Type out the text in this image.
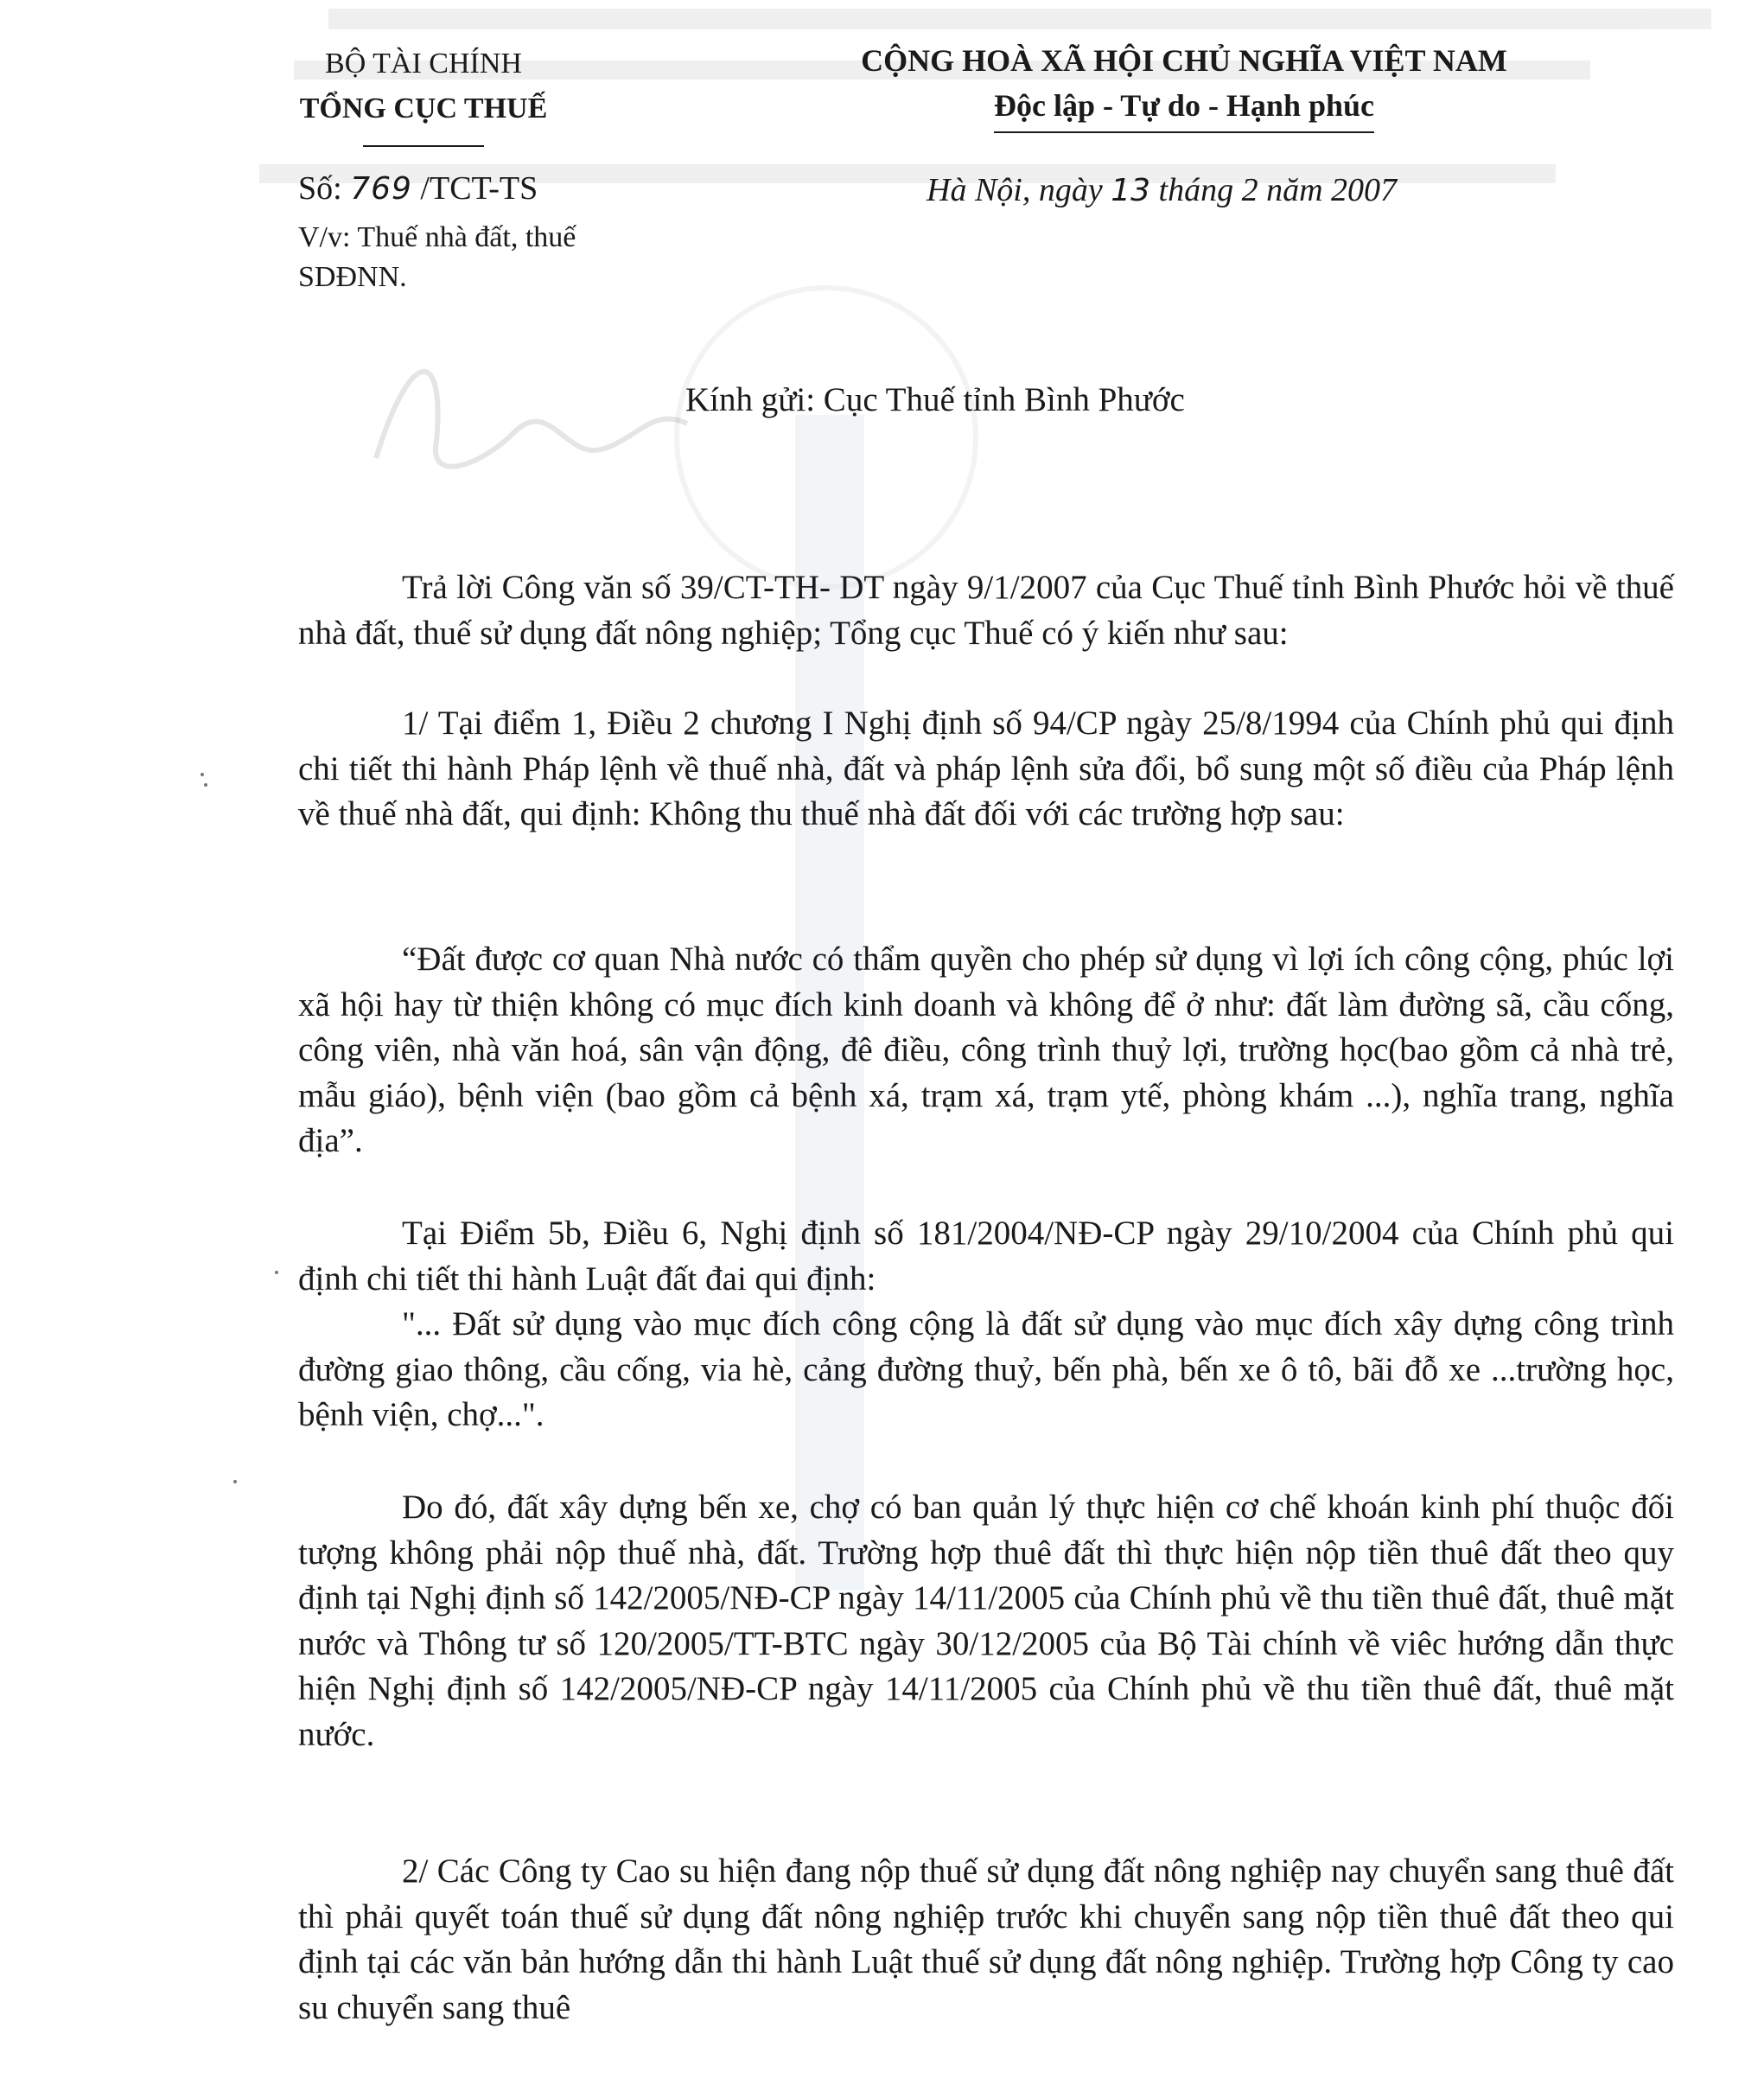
BỘ TÀI CHÍNH
TỔNG CỤC THUẾ
CỘNG HOÀ XÃ HỘI CHỦ NGHĨA VIỆT NAM
Độc lập - Tự do - Hạnh phúc
Số: 769 /TCT-TS	Hà Nội, ngày 13 tháng 2 năm 2007
V/v: Thuế nhà đất, thuế
SDĐNN.
Kính gửi: Cục Thuế tỉnh Bình Phước

Trả lời Công văn số 39/CT-TH- DT ngày 9/1/2007 của Cục Thuế tỉnh Bình Phước hỏi về thuế nhà đất, thuế sử dụng đất nông nghiệp; Tổng cục Thuế có ý kiến như sau:

1/ Tại điểm 1, Điều 2 chương I Nghị định số 94/CP ngày 25/8/1994 của Chính phủ qui định chi tiết thi hành Pháp lệnh về thuế nhà, đất và pháp lệnh sửa đổi, bổ sung một số điều của Pháp lệnh về thuế nhà đất, qui định: Không thu thuế nhà đất đối với các trường hợp sau:

“Đất được cơ quan Nhà nước có thẩm quyền cho phép sử dụng vì lợi ích công cộng, phúc lợi xã hội hay từ thiện không có mục đích kinh doanh và không để ở như: đất làm đường sã, cầu cống, công viên, nhà văn hoá, sân vận động, đê điều, công trình thuỷ lợi, trường học(bao gồm cả nhà trẻ, mẫu giáo), bệnh viện (bao gồm cả bệnh xá, trạm xá, trạm ytế, phòng khám ...), nghĩa trang, nghĩa địa”.

Tại Điểm 5b, Điều 6, Nghị định số 181/2004/NĐ-CP ngày 29/10/2004 của Chính phủ qui định chi tiết thi hành Luật đất đai qui định:

"... Đất sử dụng vào mục đích công cộng là đất sử dụng vào mục đích xây dựng công trình đường giao thông, cầu cống, via hè, cảng đường thuỷ, bến phà, bến xe ô tô, bãi đỗ xe ...trường học, bệnh viện, chợ...".

Do đó, đất xây dựng bến xe, chợ có ban quản lý thực hiện cơ chế khoán kinh phí thuộc đối tượng không phải nộp thuế nhà, đất. Trường hợp thuê đất thì thực hiện nộp tiền thuê đất theo quy định tại Nghị định số 142/2005/NĐ-CP ngày 14/11/2005 của Chính phủ về thu tiền thuê đất, thuê mặt nước và Thông tư số 120/2005/TT-BTC ngày 30/12/2005 của Bộ Tài chính về viêc hướng dẫn thực hiện Nghị định số 142/2005/NĐ-CP ngày 14/11/2005 của Chính phủ về thu tiền thuê đất, thuê mặt nước.

2/ Các Công ty Cao su hiện đang nộp thuế sử dụng đất nông nghiệp nay chuyển sang thuê đất thì phải quyết toán thuế sử dụng đất nông nghiệp trước khi chuyển sang nộp tiền thuê đất theo qui định tại các văn bản hướng dẫn thi hành Luật thuế sử dụng đất nông nghiệp. Trường hợp Công ty cao su chuyển sang thuê
